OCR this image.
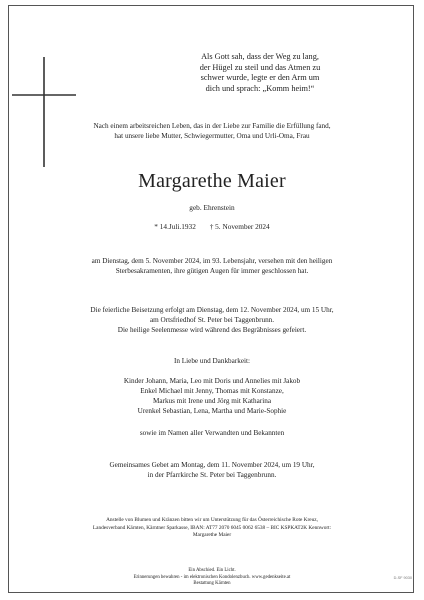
Als Gott sah, dass der Weg zu lang,
der Hügel zu steil und das Atmen zu
schwer wurde, legte er den Arm um
dich und sprach: „Komm heim!“
Nach einem arbeitsreichen Leben, das in der Liebe zur Familie die Erfüllung fand,
hat unsere liebe Mutter, Schwiegermutter, Oma und Urli-Oma, Frau
Margarethe Maier
geb. Ehrenstein
* 14.Juli.1932 † 5. November 2024
am Dienstag, dem 5. November 2024, im 93. Lebensjahr, versehen mit den heiligen
Sterbesakramenten, ihre gütigen Augen für immer geschlossen hat.
Die feierliche Beisetzung erfolgt am Dienstag, dem 12. November 2024, um 15 Uhr,
am Ortsfriedhof St. Peter bei Taggenbrunn.
Die heilige Seelenmesse wird während des Begräbnisses gefeiert.
In Liebe und Dankbarkeit:
Kinder Johann, Maria, Leo mit Doris und Annelies mit Jakob
Enkel Michael mit Jenny, Thomas mit Konstanze,
Markus mit Irene und Jörg mit Katharina
Urenkel Sebastian, Lena, Martha und Marie-Sophie
sowie im Namen aller Verwandten und Bekannten
Gemeinsames Gebet am Montag, dem 11. November 2024, um 19 Uhr,
in der Pfarrkirche St. Peter bei Taggenbrunn.
Anstelle von Blumen und Kränzen bitten wir um Unterstützung für das Österreichische Rote Kreuz,
Landesverband Kärnten, Kärntner Sparkasse, IBAN: AT77 2070 6045 0062 6538 – BIC KSPKAT2K Kennwort:
Margarethe Maier
Ein Abschied. Ein Licht.
Erinnerungen bewahren - im elektronischen Kondolenzbuch. www.gedenkseite.at
Bestattung Kärnten
D-SF 9030
